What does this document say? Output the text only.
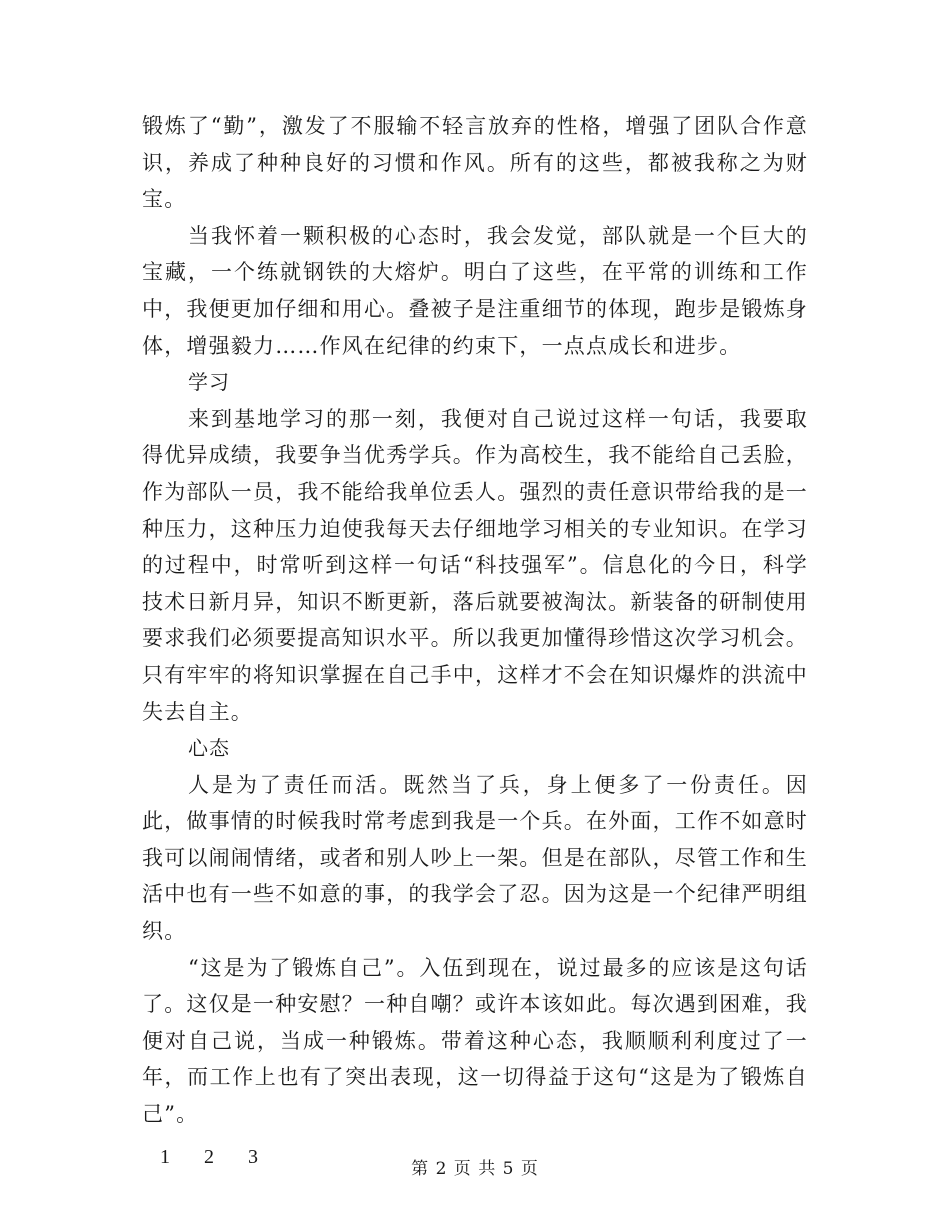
锻炼了“勤”，激发了不服输不轻言放弃的性格，增强了团队合作意识，养成了种种良好的习惯和作风。所有的这些，都被我称之为财宝。

当我怀着一颗积极的心态时，我会发觉，部队就是一个巨大的宝藏，一个练就钢铁的大熔炉。明白了这些，在平常的训练和工作中，我便更加仔细和用心。叠被子是注重细节的体现，跑步是锻炼身体，增强毅力……作风在纪律的约束下，一点点成长和进步。

学习

来到基地学习的那一刻，我便对自己说过这样一句话，我要取得优异成绩，我要争当优秀学兵。作为高校生，我不能给自己丢脸，作为部队一员，我不能给我单位丢人。强烈的责任意识带给我的是一种压力，这种压力迫使我每天去仔细地学习相关的专业知识。在学习的过程中，时常听到这样一句话“科技强军”。信息化的今日，科学技术日新月异，知识不断更新，落后就要被淘汰。新装备的研制使用要求我们必须要提高知识水平。所以我更加懂得珍惜这次学习机会。只有牢牢的将知识掌握在自己手中，这样才不会在知识爆炸的洪流中失去自主。

心态

人是为了责任而活。既然当了兵，身上便多了一份责任。因此，做事情的时候我时常考虑到我是一个兵。在外面，工作不如意时我可以闹闹情绪，或者和别人吵上一架。但是在部队，尽管工作和生活中也有一些不如意的事，的我学会了忍。因为这是一个纪律严明组织。

“这是为了锻炼自己”。入伍到现在，说过最多的应该是这句话了。这仅是一种安慰？一种自嘲？或许本该如此。每次遇到困难，我便对自己说，当成一种锻炼。带着这种心态，我顺顺利利度过了一年，而工作上也有了突出表现，这一切得益于这句“这是为了锻炼自己”。

1 2 3
第 2 页 共 5 页
